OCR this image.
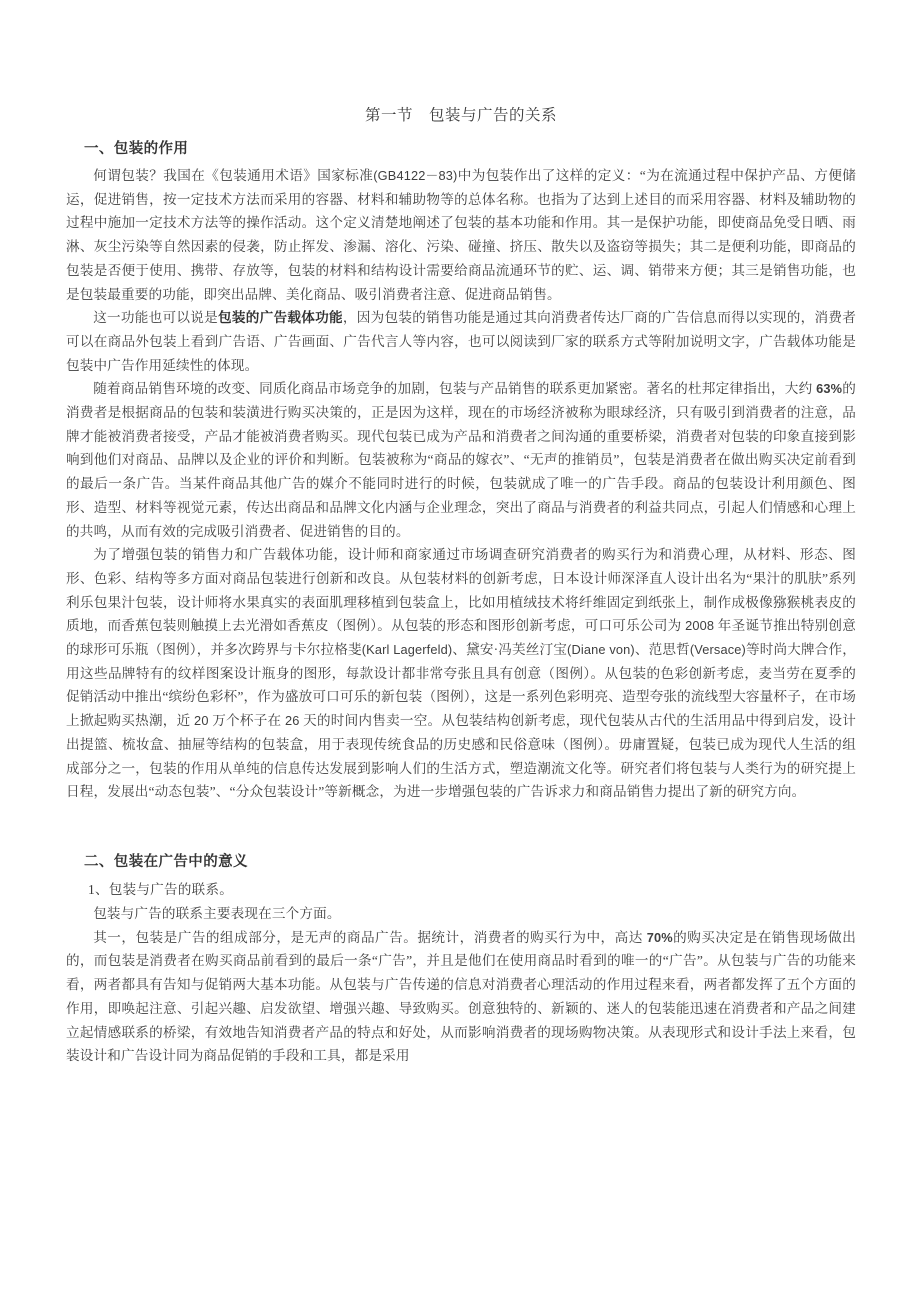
第一节　包装与广告的关系
一、包装的作用

何谓包装？我国在《包装通用术语》国家标准(GB4122－83)中为包装作出了这样的定义：“为在流通过程中保护产品、方便储运，促进销售，按一定技术方法而采用的容器、材料和辅助物等的总体名称。也指为了达到上述目的而采用容器、材料及辅助物的过程中施加一定技术方法等的操作活动。这个定义清楚地阐述了包装的基本功能和作用。其一是保护功能，即使商品免受日晒、雨淋、灰尘污染等自然因素的侵袭，防止挥发、渗漏、溶化、污染、碰撞、挤压、散失以及盗窃等损失；其二是便利功能，即商品的包装是否便于使用、携带、存放等，包装的材料和结构设计需要给商品流通环节的贮、运、调、销带来方便；其三是销售功能，也是包装最重要的功能，即突出品牌、美化商品、吸引消费者注意、促进商品销售。

这一功能也可以说是包装的广告载体功能，因为包装的销售功能是通过其向消费者传达厂商的广告信息而得以实现的，消费者可以在商品外包装上看到广告语、广告画面、广告代言人等内容，也可以阅读到厂家的联系方式等附加说明文字，广告载体功能是包装中广告作用延续性的体现。

随着商品销售环境的改变、同质化商品市场竞争的加剧，包装与产品销售的联系更加紧密。著名的杜邦定律指出，大约 63%的消费者是根据商品的包装和装潢进行购买决策的，正是因为这样，现在的市场经济被称为眼球经济，只有吸引到消费者的注意，品牌才能被消费者接受，产品才能被消费者购买。现代包装已成为产品和消费者之间沟通的重要桥梁，消费者对包装的印象直接到影响到他们对商品、品牌以及企业的评价和判断。包装被称为“商品的嫁衣”、“无声的推销员”，包装是消费者在做出购买决定前看到的最后一条广告。当某件商品其他广告的媒介不能同时进行的时候，包装就成了唯一的广告手段。商品的包装设计利用颜色、图形、造型、材料等视觉元素，传达出商品和品牌文化内涵与企业理念，突出了商品与消费者的利益共同点，引起人们情感和心理上的共鸣，从而有效的完成吸引消费者、促进销售的目的。

为了增强包装的销售力和广告载体功能，设计师和商家通过市场调查研究消费者的购买行为和消费心理，从材料、形态、图形、色彩、结构等多方面对商品包装进行创新和改良。从包装材料的创新考虑，日本设计师深泽直人设计出名为“果汁的肌肤”系列利乐包果汁包装，设计师将水果真实的表面肌理移植到包装盒上，比如用植绒技术将纤维固定到纸张上，制作成极像猕猴桃表皮的质地，而香蕉包装则触摸上去光滑如香蕉皮（图例）。从包装的形态和图形创新考虑，可口可乐公司为 2008 年圣诞节推出特别创意的球形可乐瓶（图例），并多次跨界与卡尔拉格斐(Karl Lagerfeld)、黛安·冯芙丝汀宝(Diane von)、范思哲(Versace)等时尚大牌合作，用这些品牌特有的纹样图案设计瓶身的图形，每款设计都非常夸张且具有创意（图例）。从包装的色彩创新考虑，麦当劳在夏季的促销活动中推出“缤纷色彩杯”，作为盛放可口可乐的新包装（图例），这是一系列色彩明亮、造型夸张的流线型大容量杯子，在市场上掀起购买热潮，近 20 万个杯子在 26 天的时间内售卖一空。从包装结构创新考虑，现代包装从古代的生活用品中得到启发，设计出提篮、梳妆盒、抽屉等结构的包装盒，用于表现传统食品的历史感和民俗意味（图例）。毋庸置疑，包装已成为现代人生活的组成部分之一，包装的作用从单纯的信息传达发展到影响人们的生活方式，塑造潮流文化等。研究者们将包装与人类行为的研究提上日程，发展出“动态包装”、“分众包装设计”等新概念，为进一步增强包装的广告诉求力和商品销售力提出了新的研究方向。

二、包装在广告中的意义
1、包装与广告的联系。

包装与广告的联系主要表现在三个方面。

其一，包装是广告的组成部分，是无声的商品广告。据统计，消费者的购买行为中，高达 70%的购买决定是在销售现场做出的，而包装是消费者在购买商品前看到的最后一条“广告”，并且是他们在使用商品时看到的唯一的“广告”。从包装与广告的功能来看，两者都具有告知与促销两大基本功能。从包装与广告传递的信息对消费者心理活动的作用过程来看，两者都发挥了五个方面的作用，即唤起注意、引起兴趣、启发欲望、增强兴趣、导致购买。创意独特的、新颖的、迷人的包装能迅速在消费者和产品之间建立起情感联系的桥梁，有效地告知消费者产品的特点和好处，从而影响消费者的现场购物决策。从表现形式和设计手法上来看，包装设计和广告设计同为商品促销的手段和工具，都是采用
